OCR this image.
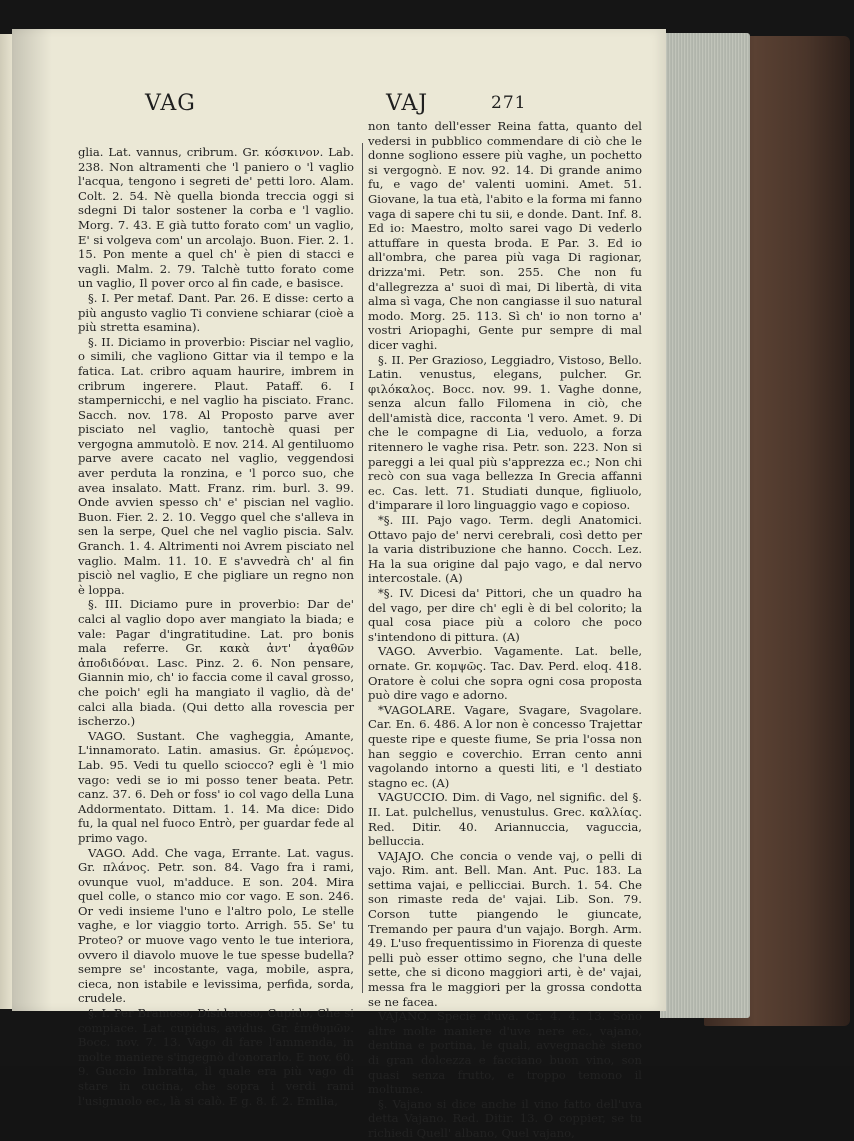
VAG	VAJ	271

glia. Lat. vannus, cribrum. Gr. κόσκινον. Lab. 238. Non altramenti che 'l paniero o 'l vaglio l'acqua, tengono i segreti de' petti loro. Alam. Colt. 2. 54. Nè quella bionda treccia oggi si sdegni Di talor sostener la corba e 'l vaglio. Morg. 7. 43. E già tutto forato com' un vaglio, E' si volgeva com' un arcolajo. Buon. Fier. 2. 1. 15. Pon mente a quel ch' è pien di stacci e vagli. Malm. 2. 79. Talchè tutto forato come un vaglio, Il pover orco al fin cade, e basisce.

§. I. Per metaf. Dant. Par. 26. E disse: certo a più angusto vaglio Ti conviene schiarar (cioè a più stretta esamina).

§. II. Diciamo in proverbio: Pisciar nel vaglio, o simili, che vagliono Gittar via il tempo e la fatica. Lat. cribro aquam haurire, imbrem in cribrum ingerere. Plaut. Pataff. 6. I stampernicchi, e nel vaglio ha pisciato. Franc. Sacch. nov. 178. Al Proposto parve aver pisciato nel vaglio, tantochè quasi per vergogna ammutolò. E nov. 214. Al gentiluomo parve avere cacato nel vaglio, veggendosi aver perduta la ronzina, e 'l porco suo, che avea insalato. Matt. Franz. rim. burl. 3. 99. Onde avvien spesso ch' e' piscian nel vaglio. Buon. Fier. 2. 2. 10. Veggo quel che s'alleva in sen la serpe, Quel che nel vaglio piscia. Salv. Granch. 1. 4. Altrimenti noi Avrem pisciato nel vaglio. Malm. 11. 10. E s'avvedrà ch' al fin pisciò nel vaglio, E che pigliare un regno non è loppa.

§. III. Diciamo pure in proverbio: Dar de' calci al vaglio dopo aver mangiato la biada; e vale: Pagar d'ingratitudine. Lat. pro bonis mala referre. Gr. κακὰ ἀντ' ἀγαθῶν ἀποδιδόναι. Lasc. Pinz. 2. 6. Non pensare, Giannin mio, ch' io faccia come il caval grosso, che poich' egli ha mangiato il vaglio, dà de' calci alla biada. (Qui detto alla rovescia per ischerzo.)

VAGO. Sustant. Che vagheggia, Amante, L'innamorato. Latin. amasius. Gr. ἐρώμενος. Lab. 95. Vedi tu quello sciocco? egli è 'l mio vago: vedi se io mi posso tener beata. Petr. canz. 37. 6. Deh or foss' io col vago della Luna Addormentato. Dittam. 1. 14. Ma dice: Dido fu, la qual nel fuoco Entrò, per guardar fede al primo vago.

VAGO. Add. Che vaga, Errante. Lat. vagus. Gr. πλάνος. Petr. son. 84. Vago fra i rami, ovunque vuol, m'adduce. E son. 204. Mira quel colle, o stanco mio cor vago. E son. 246. Or vedi insieme l'uno e l'altro polo, Le stelle vaghe, e lor viaggio torto. Arrigh. 55. Se' tu Proteo? or muove vago vento le tue interiora, ovvero il diavolo muove le tue spesse budella? sempre se' incostante, vaga, mobile, aspra, cieca, non istabile e levissima, perfida, sorda, crudele.

§. I. Per Bramoso, Disideroso, Cupido, Che si compiace. Lat. cupidus, avidus. Gr. ἐπιθυμῶν. Bocc. nov. 7. 13. Vago di fare l'ammenda, in molte maniere s'ingegnò d'onorarlo. E nov. 60. 9. Guccio Imbratta, il quale era più vago di stare in cucina, che sopra i verdi rami l'usignuolo ec., là si calò. E g. 8. f. 2. Emilia,

non tanto dell'esser Reina fatta, quanto del vedersi in pubblico commendare di ciò che le donne sogliono essere più vaghe, un pochetto si vergognò. E nov. 92. 14. Di grande animo fu, e vago de' valenti uomini. Amet. 51. Giovane, la tua età, l'abito e la forma mi fanno vaga di sapere chi tu sii, e donde. Dant. Inf. 8. Ed io: Maestro, molto sarei vago Di vederlo attuffare in questa broda. E Par. 3. Ed io all'ombra, che parea più vaga Di ragionar, drizza'mi. Petr. son. 255. Che non fu d'allegrezza a' suoi dì mai, Di libertà, di vita alma sì vaga, Che non cangiasse il suo natural modo. Morg. 25. 113. Sì ch' io non torno a' vostri Ariopaghi, Gente pur sempre di mal dicer vaghi.

§. II. Per Grazioso, Leggiadro, Vistoso, Bello. Latin. venustus, elegans, pulcher. Gr. φιλόκαλος. Bocc. nov. 99. 1. Vaghe donne, senza alcun fallo Filomena in ciò, che dell'amistà dice, racconta 'l vero. Amet. 9. Di che le compagne di Lia, veduolo, a forza ritennero le vaghe risa. Petr. son. 223. Non si pareggi a lei qual più s'apprezza ec.; Non chi recò con sua vaga bellezza In Grecia affanni ec. Cas. lett. 71. Studiati dunque, figliuolo, d'imparare il loro linguaggio vago e copioso.

*§. III. Pajo vago. Term. degli Anatomici. Ottavo pajo de' nervi cerebrali, così detto per la varia distribuzione che hanno. Cocch. Lez. Ha la sua origine dal pajo vago, e dal nervo intercostale. (A)

*§. IV. Dicesi da' Pittori, che un quadro ha del vago, per dire ch' egli è di bel colorito; la qual cosa piace più a coloro che poco s'intendono di pittura. (A)

VAGO. Avverbio. Vagamente. Lat. belle, ornate. Gr. κομψῶς. Tac. Dav. Perd. eloq. 418. Oratore è colui che sopra ogni cosa proposta può dire vago e adorno.

*VAGOLARE. Vagare, Svagare, Svagolare. Car. En. 6. 486. A lor non è concesso Trajettar queste ripe e queste fiume, Se pria l'ossa non han seggio e coverchio. Erran cento anni vagolando intorno a questi liti, e 'l destiato stagno ec. (A)

VAGUCCIO. Dim. di Vago, nel signific. del §. II. Lat. pulchellus, venustulus. Grec. καλλίας. Red. Ditir. 40. Ariannuccia, vaguccia, belluccia.

VAJAJO. Che concia o vende vaj, o pelli di vajo. Rim. ant. Bell. Man. Ant. Puc. 183. La settima vajai, e pellicciai. Burch. 1. 54. Che son rimaste reda de' vajai. Lib. Son. 79. Corson tutte piangendo le giuncate, Tremando per paura d'un vajajo. Borgh. Arm. 49. L'uso frequentissimo in Fiorenza di queste pelli può esser ottimo segno, che l'una delle sette, che si dicono maggiori arti, è de' vajai, messa fra le maggiori per la grossa condotta se ne facea.

VAJANO. Specie d'uva. Cr. 4. 4. 13. Sono altre molte maniere d'uve nere ec., vajano, dentina e portina, le quali, avvegnachè sieno di gran dolcezza e facciano buon vino, son quasi senza frutto, e troppo temono il moltume.

§. Vajano si dice anche il vino fatto dell'uva detta Vajano. Red. Ditir. 13. O coppier, se tu richiedi Quell' albano, Quel vajano,
